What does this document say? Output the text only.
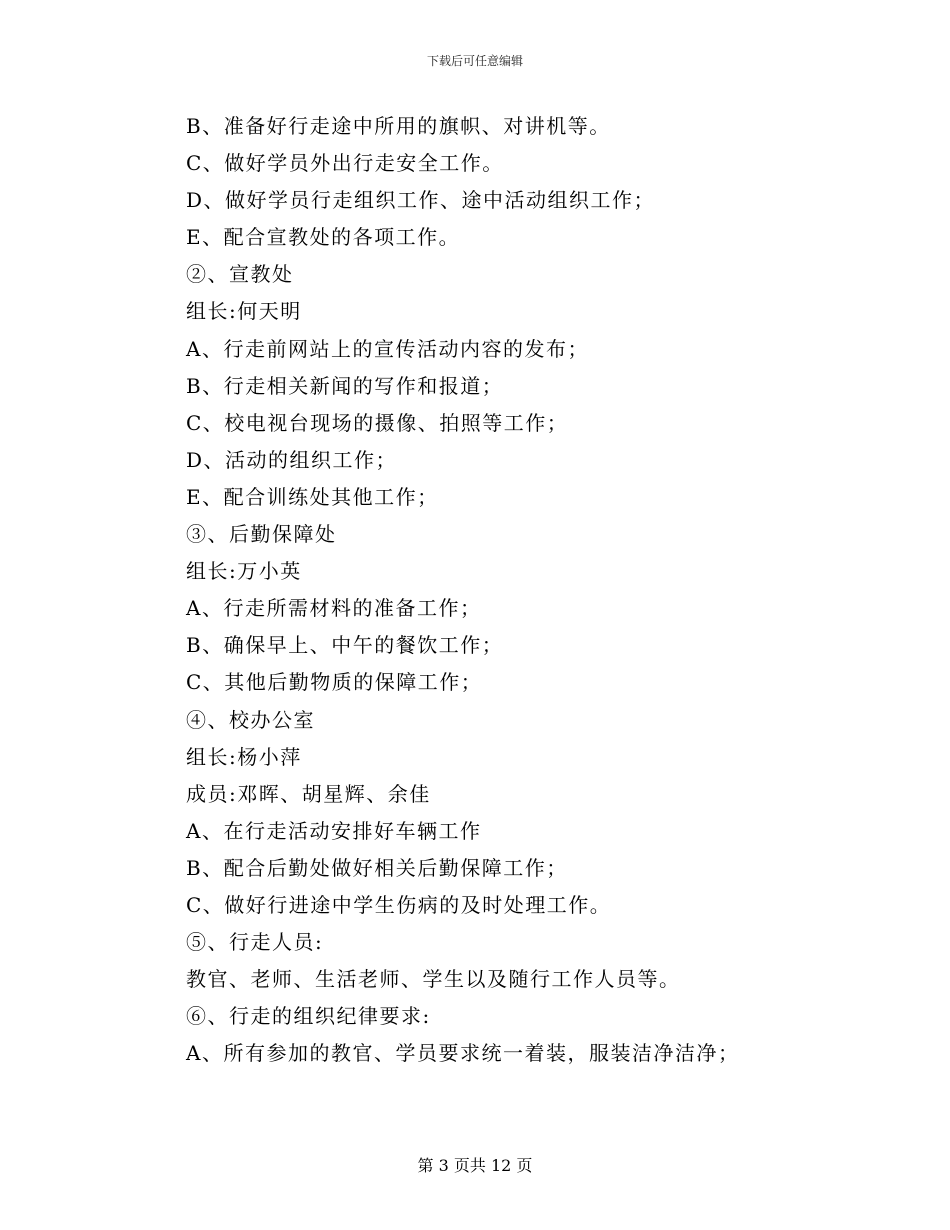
下载后可任意编辑
B、准备好行走途中所用的旗帜、对讲机等。
C、做好学员外出行走安全工作。
D、做好学员行走组织工作、途中活动组织工作；
E、配合宣教处的各项工作。
②、宣教处
组长:何天明
A、行走前网站上的宣传活动内容的发布；
B、行走相关新闻的写作和报道；
C、校电视台现场的摄像、拍照等工作；
D、活动的组织工作；
E、配合训练处其他工作；
③、后勤保障处
组长:万小英
A、行走所需材料的准备工作；
B、确保早上、中午的餐饮工作；
C、其他后勤物质的保障工作；
④、校办公室
组长:杨小萍
成员:邓晖、胡星辉、余佳
A、在行走活动安排好车辆工作
B、配合后勤处做好相关后勤保障工作；
C、做好行进途中学生伤病的及时处理工作。
⑤、行走人员:
教官、老师、生活老师、学生以及随行工作人员等。
⑥、行走的组织纪律要求:
A、所有参加的教官、学员要求统一着装，服装洁净洁净；
第 3 页共 12 页
